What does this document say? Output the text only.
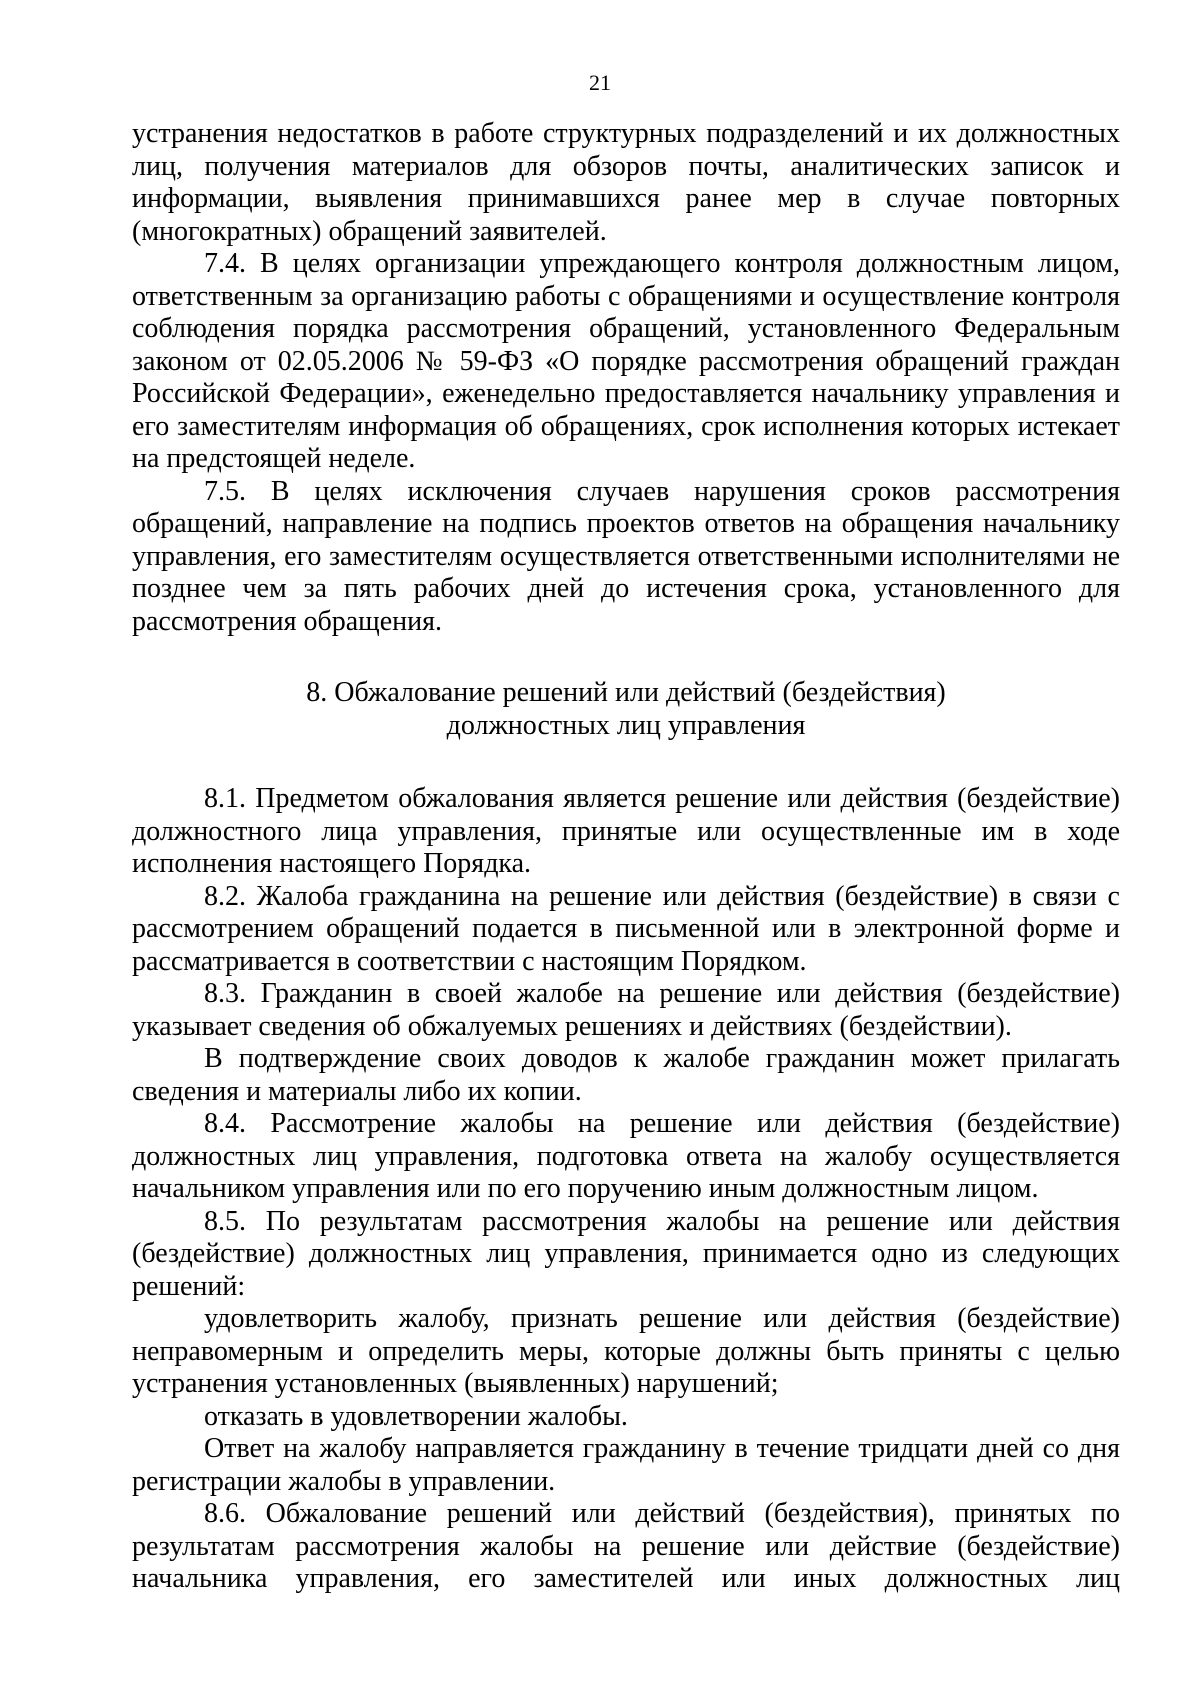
21

устранения недостатков в работе структурных подразделений и их должностных лиц, получения материалов для обзоров почты, аналитических записок и информации, выявления принимавшихся ранее мер в случае повторных (многократных) обращений заявителей.

7.4. В целях организации упреждающего контроля должностным лицом, ответственным за организацию работы с обращениями и осуществление контроля соблюдения порядка рассмотрения обращений, установленного Федеральным законом от 02.05.2006 № 59-ФЗ «О порядке рассмотрения обращений граждан Российской Федерации», еженедельно предоставляется начальнику управления и его заместителям информация об обращениях, срок исполнения которых истекает на предстоящей неделе.

7.5. В целях исключения случаев нарушения сроков рассмотрения обращений, направление на подпись проектов ответов на обращения начальнику управления, его заместителям осуществляется ответственными исполнителями не позднее чем за пять рабочих дней до истечения срока, установленного для рассмотрения обращения.

8. Обжалование решений или действий (бездействия)
должностных лиц управления

8.1. Предметом обжалования является решение или действия (бездействие) должностного лица управления, принятые или осуществленные им в ходе исполнения настоящего Порядка.

8.2. Жалоба гражданина на решение или действия (бездействие) в связи с рассмотрением обращений подается в письменной или в электронной форме и рассматривается в соответствии с настоящим Порядком.

8.3. Гражданин в своей жалобе на решение или действия (бездействие) указывает сведения об обжалуемых решениях и действиях (бездействии).

В подтверждение своих доводов к жалобе гражданин может прилагать сведения и материалы либо их копии.

8.4. Рассмотрение жалобы на решение или действия (бездействие) должностных лиц управления, подготовка ответа на жалобу осуществляется начальником управления или по его поручению иным должностным лицом.

8.5. По результатам рассмотрения жалобы на решение или действия (бездействие) должностных лиц управления, принимается одно из следующих решений:

удовлетворить жалобу, признать решение или действия (бездействие) неправомерным и определить меры, которые должны быть приняты с целью устранения установленных (выявленных) нарушений;

отказать в удовлетворении жалобы.

Ответ на жалобу направляется гражданину в течение тридцати дней со дня регистрации жалобы в управлении.

8.6. Обжалование решений или действий (бездействия), принятых по результатам рассмотрения жалобы на решение или действие (бездействие) начальника управления, его заместителей или иных должностных лиц
